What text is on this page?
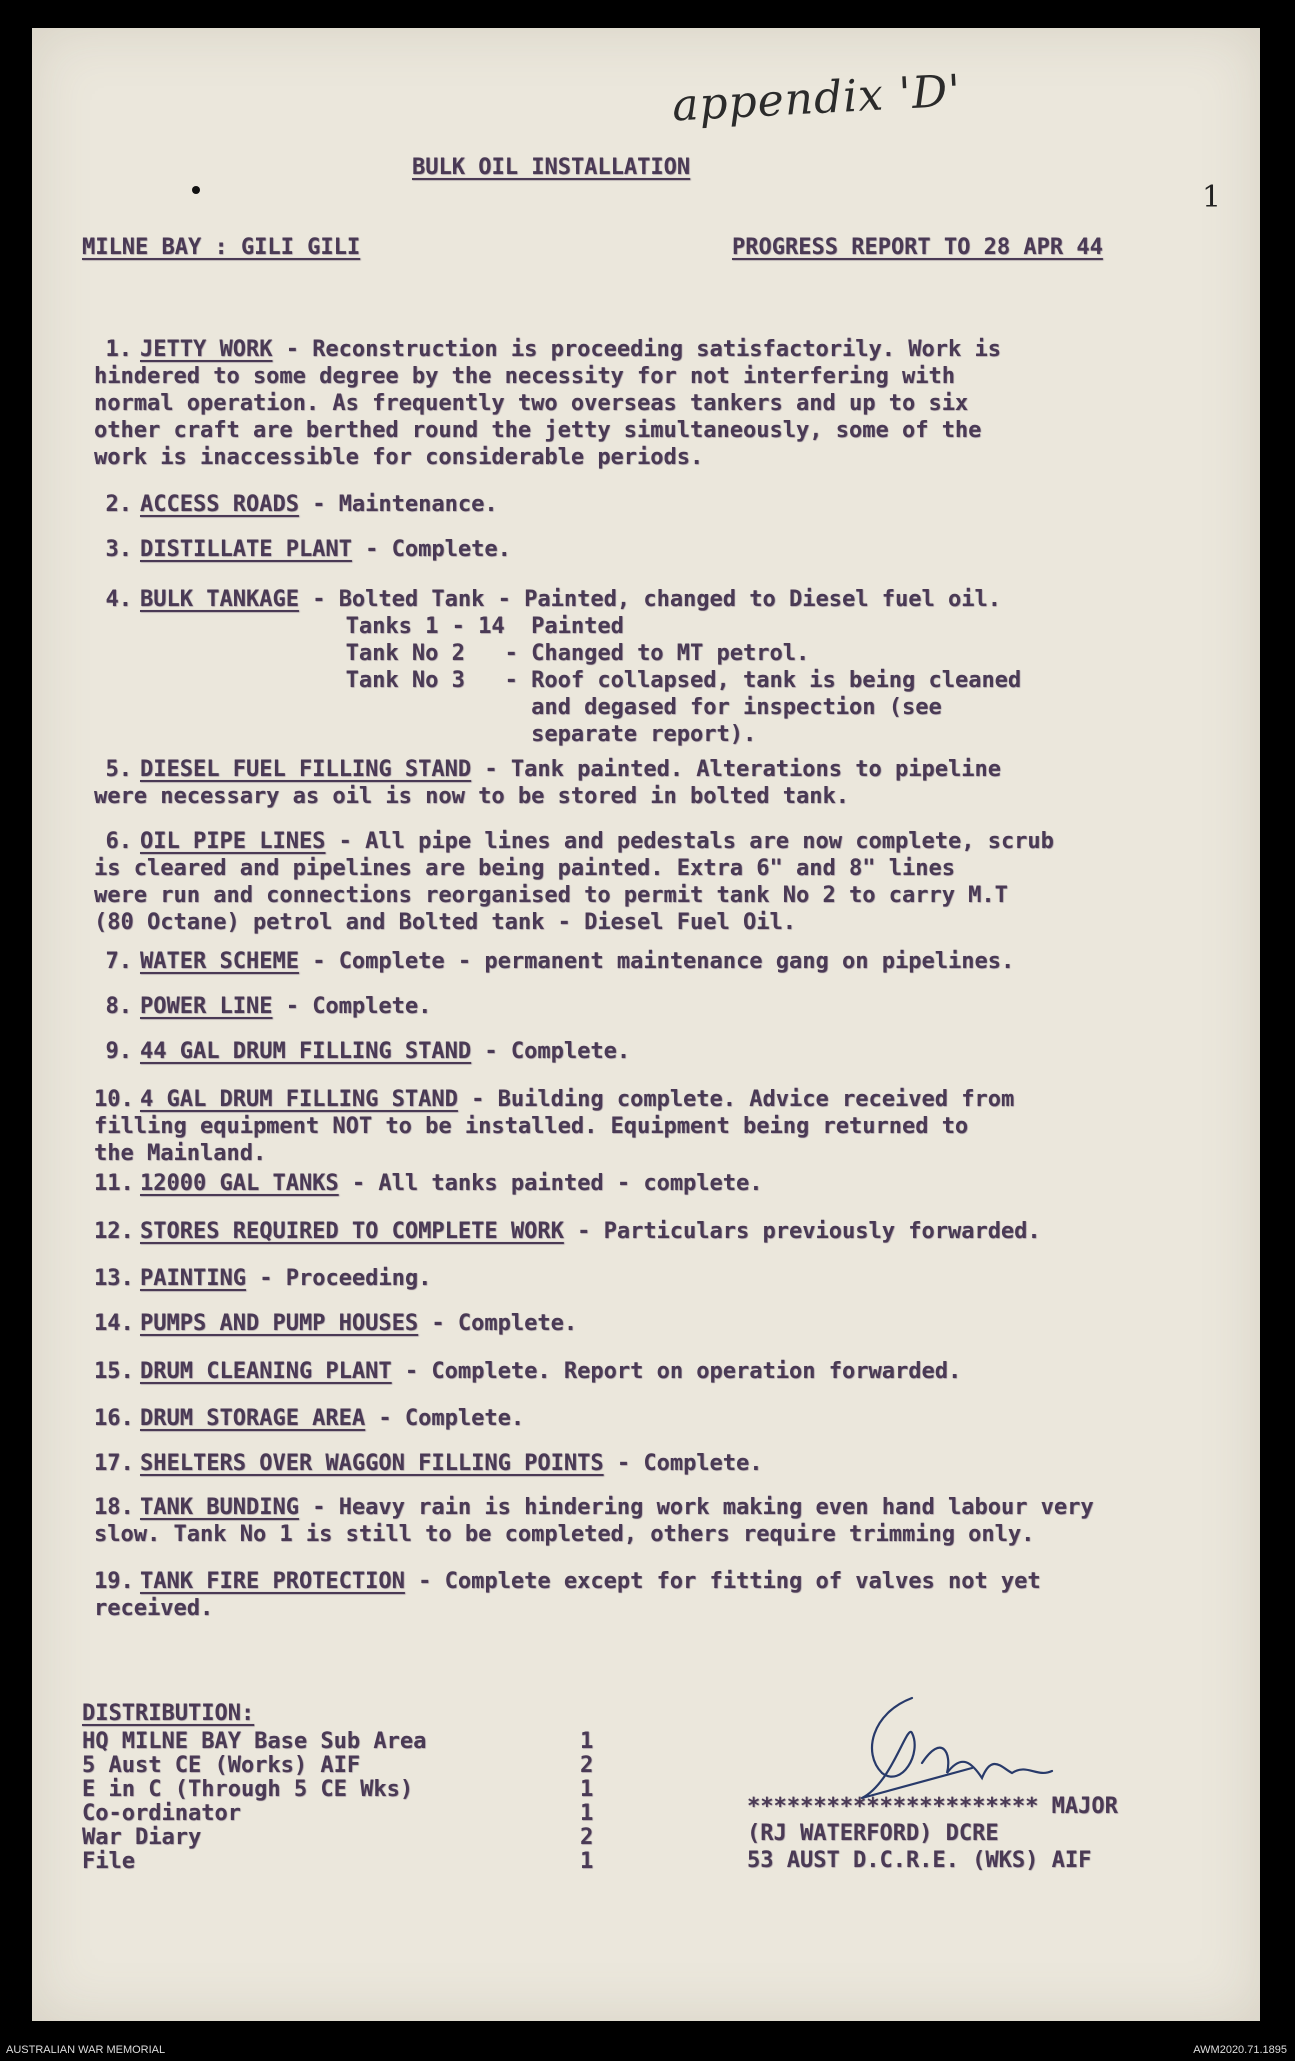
appendix 'D'
1
BULK OIL INSTALLATION
MILNE BAY : GILI GILI	PROGRESS REPORT TO 28 APR 44
1. JETTY WORK - Reconstruction is proceeding satisfactorily. Work is
hindered to some degree by the necessity for not interfering with
normal operation. As frequently two overseas tankers and up to six
other craft are berthed round the jetty simultaneously, some of the
work is inaccessible for considerable periods.
2. ACCESS ROADS - Maintenance.
3. DISTILLATE PLANT - Complete.
4. BULK TANKAGE - Bolted Tank - Painted, changed to Diesel fuel oil.
Tanks 1 - 14  Painted
Tank No 2   - Changed to MT petrol.
Tank No 3   - Roof collapsed, tank is being cleaned
and degased for inspection (see
separate report).
5. DIESEL FUEL FILLING STAND - Tank painted. Alterations to pipeline
were necessary as oil is now to be stored in bolted tank.
6. OIL PIPE LINES - All pipe lines and pedestals are now complete, scrub
is cleared and pipelines are being painted. Extra 6" and 8" lines
were run and connections reorganised to permit tank No 2 to carry M.T
(80 Octane) petrol and Bolted tank - Diesel Fuel Oil.
7. WATER SCHEME - Complete - permanent maintenance gang on pipelines.
8. POWER LINE - Complete.
9. 44 GAL DRUM FILLING STAND - Complete.
10. 4 GAL DRUM FILLING STAND - Building complete. Advice received from
filling equipment NOT to be installed. Equipment being returned to
the Mainland.
11. 12000 GAL TANKS - All tanks painted - complete.
12. STORES REQUIRED TO COMPLETE WORK - Particulars previously forwarded.
13. PAINTING - Proceeding.
14. PUMPS AND PUMP HOUSES - Complete.
15. DRUM CLEANING PLANT - Complete. Report on operation forwarded.
16. DRUM STORAGE AREA - Complete.
17. SHELTERS OVER WAGGON FILLING POINTS - Complete.
18. TANK BUNDING - Heavy rain is hindering work making even hand labour very
slow. Tank No 1 is still to be completed, others require trimming only.
19. TANK FIRE PROTECTION - Complete except for fitting of valves not yet
received.
DISTRIBUTION:
HQ MILNE BAY Base Sub Area	1
5 Aust CE (Works) AIF	2
E in C (Through 5 CE Wks)	1
Co-ordinator	1
War Diary	2
File	1
********************** MAJOR
(RJ WATERFORD) DCRE
53 AUST D.C.R.E. (WKS) AIF
AUSTRALIAN WAR MEMORIAL	AWM2020.71.1895
